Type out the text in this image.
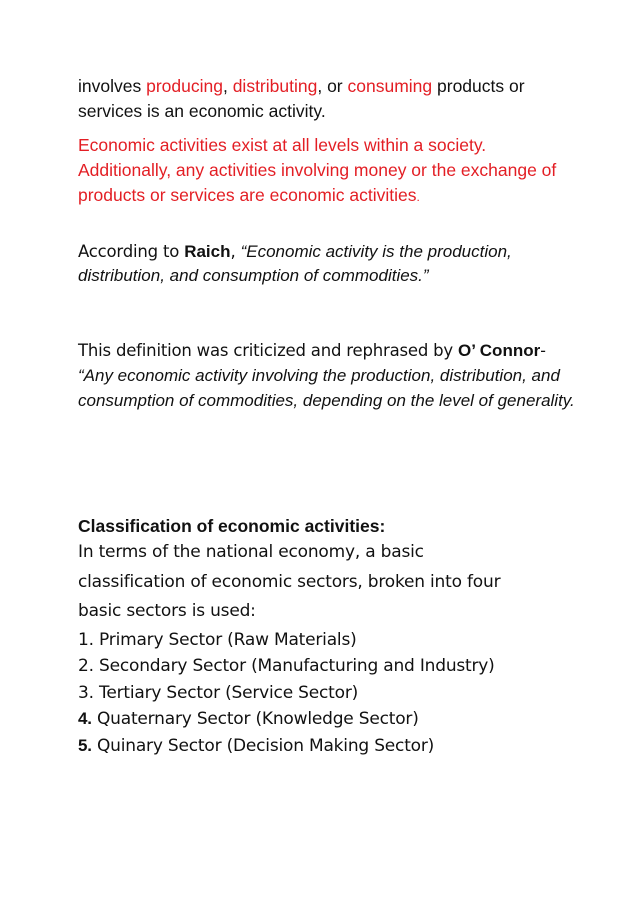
involves producing, distributing, or consuming products or services is an economic activity.
Economic activities exist at all levels within a society. Additionally, any activities involving money or the exchange of products or services are economic activities.
According to Raich, “Economic activity is the production, distribution, and consumption of commodities.”
This definition was criticized and rephrased by O’ Connor- “Any economic activity involving the production, distribution, and consumption of commodities, depending on the level of generality.
Classification of economic activities:
In terms of the national economy, a basic
classification of economic sectors, broken into four
basic sectors is used:
1. Primary Sector (Raw Materials)
2. Secondary Sector (Manufacturing and Industry)
3. Tertiary Sector (Service Sector)
4. Quaternary Sector (Knowledge Sector)
5. Quinary Sector (Decision Making Sector)
